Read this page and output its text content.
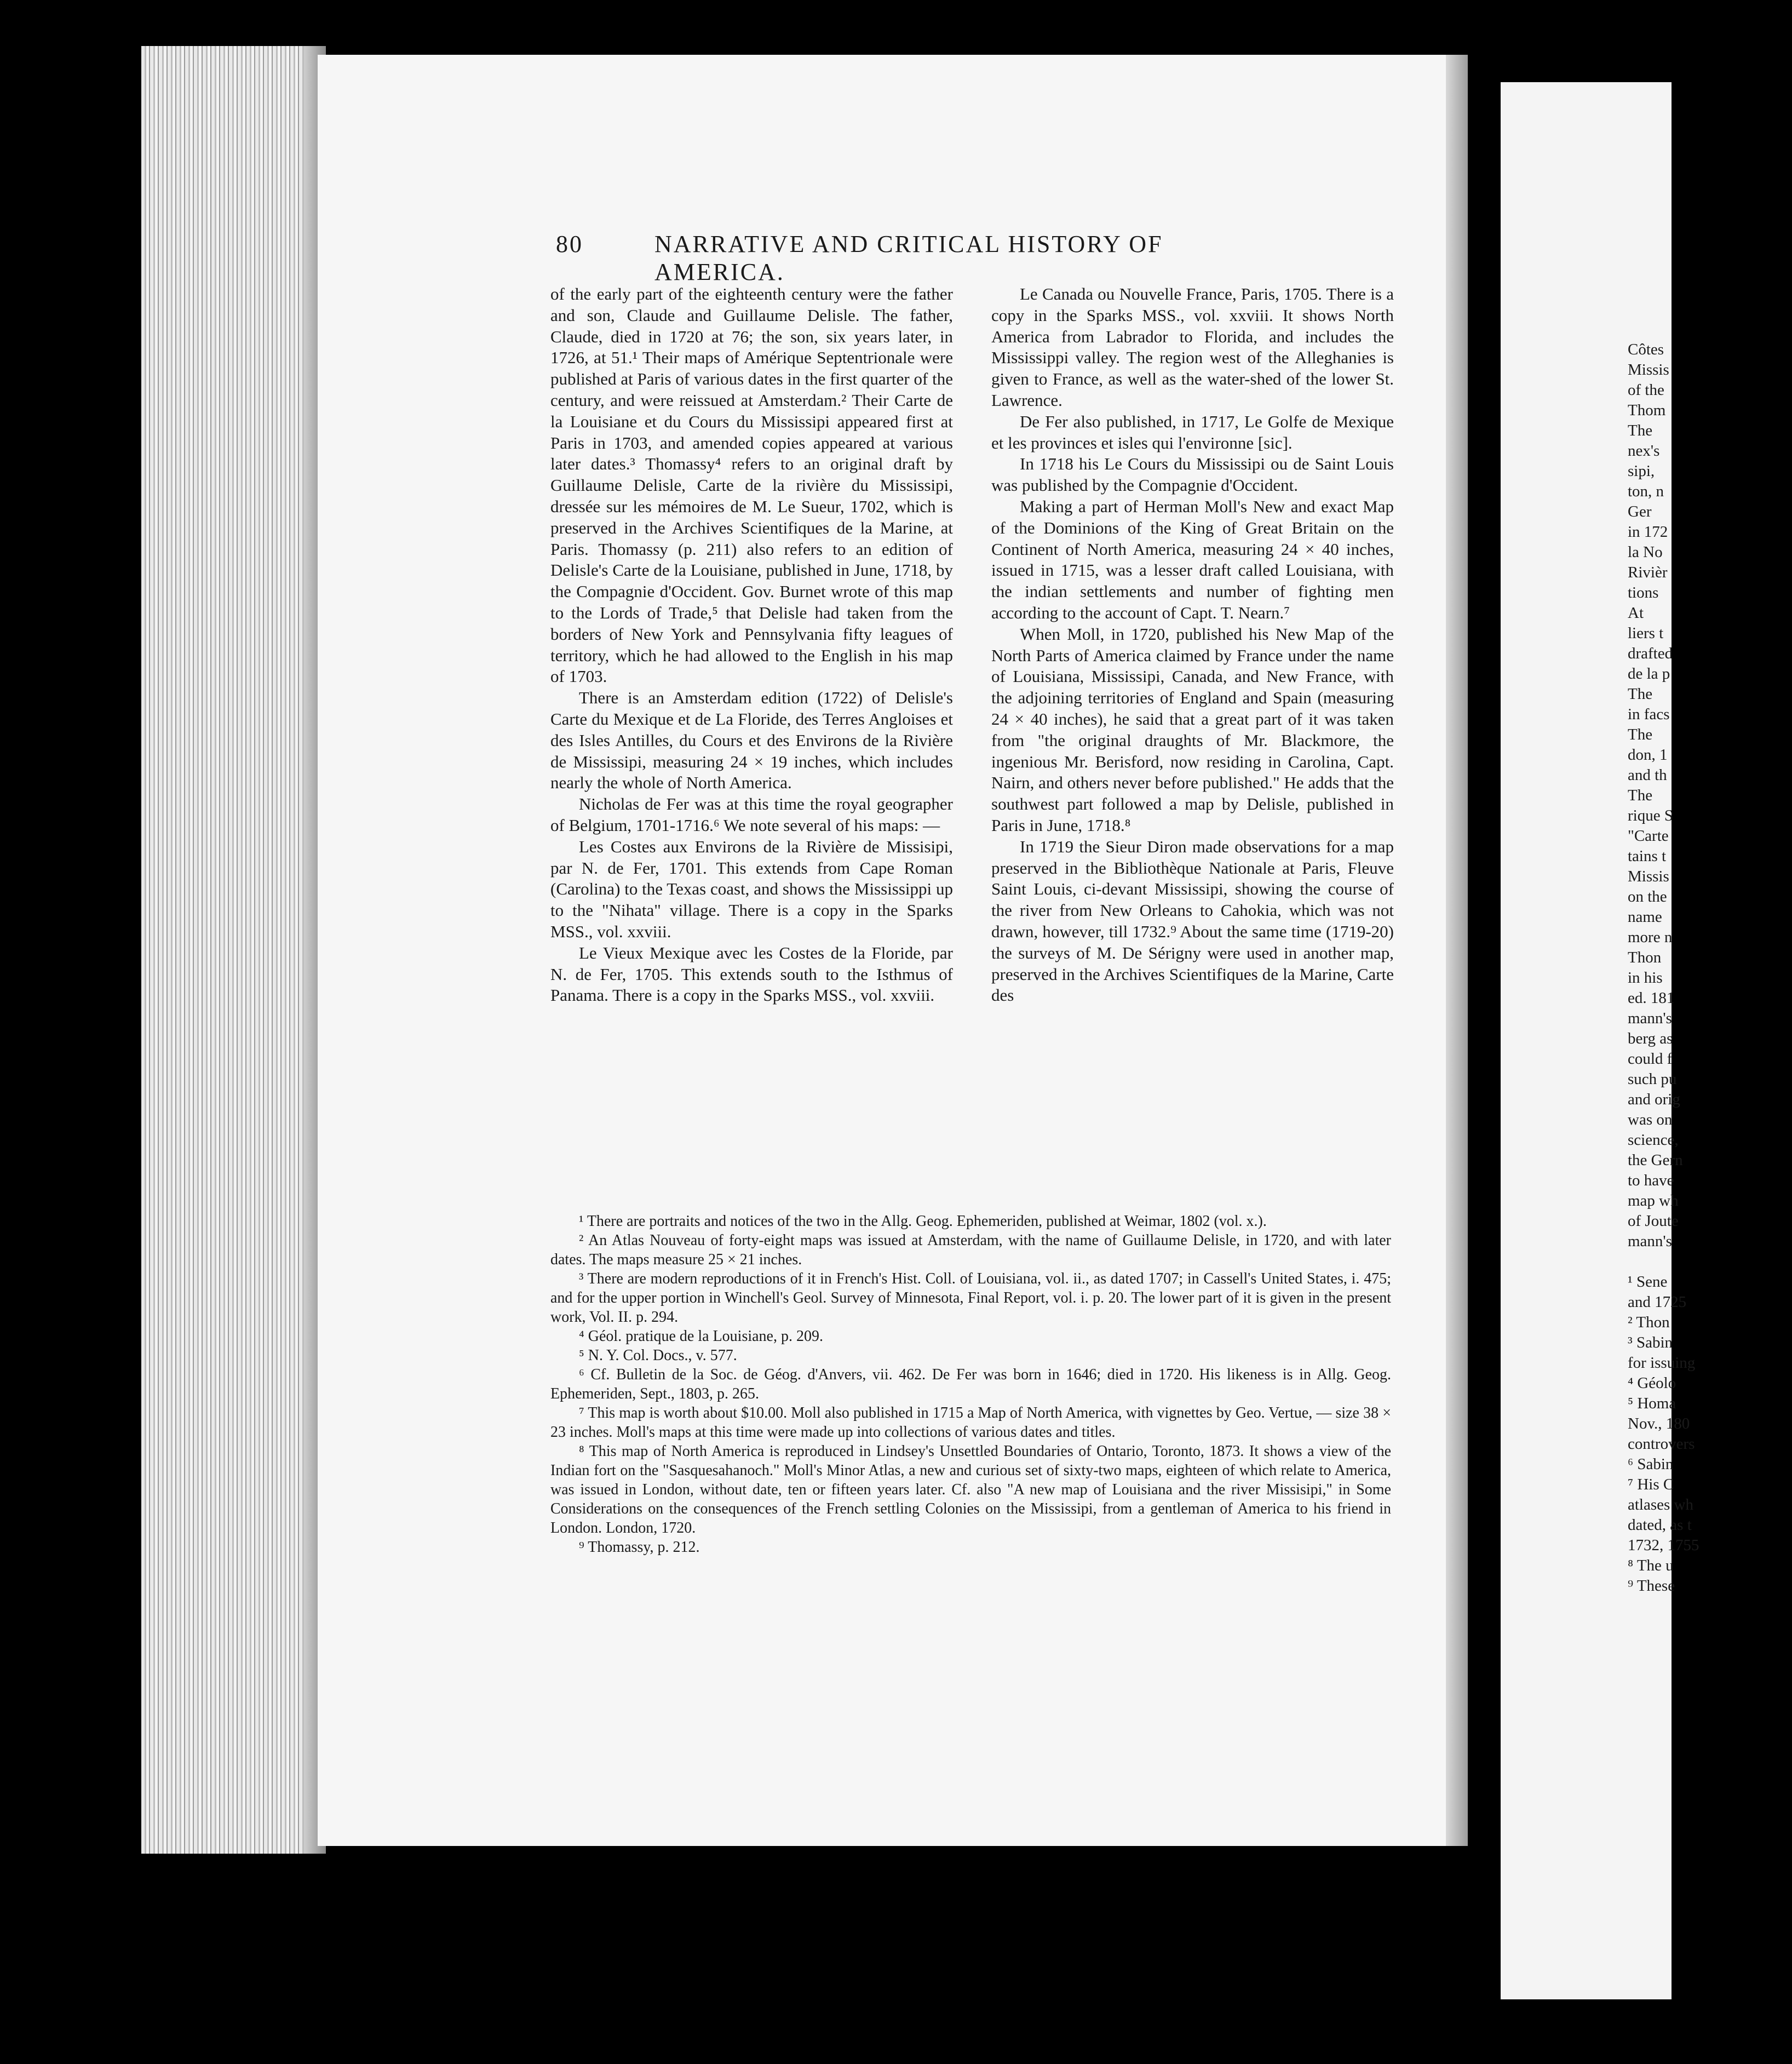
80	NARRATIVE AND CRITICAL HISTORY OF AMERICA.

of the early part of the eighteenth century were the father and son, Claude and Guillaume Delisle. The father, Claude, died in 1720 at 76; the son, six years later, in 1726, at 51.¹ Their maps of Amérique Septentrionale were published at Paris of various dates in the first quarter of the century, and were reissued at Amsterdam.² Their Carte de la Louisiane et du Cours du Mississipi appeared first at Paris in 1703, and amended copies appeared at various later dates.³ Thomassy⁴ refers to an original draft by Guillaume Delisle, Carte de la rivière du Mississipi, dressée sur les mémoires de M. Le Sueur, 1702, which is preserved in the Archives Scientifiques de la Marine, at Paris. Thomassy (p. 211) also refers to an edition of Delisle's Carte de la Louisiane, published in June, 1718, by the Compagnie d'Occident. Gov. Burnet wrote of this map to the Lords of Trade,⁵ that Delisle had taken from the borders of New York and Pennsylvania fifty leagues of territory, which he had allowed to the English in his map of 1703.

There is an Amsterdam edition (1722) of Delisle's Carte du Mexique et de La Floride, des Terres Angloises et des Isles Antilles, du Cours et des Environs de la Rivière de Mississipi, measuring 24 × 19 inches, which includes nearly the whole of North America.

Nicholas de Fer was at this time the royal geographer of Belgium, 1701-1716.⁶ We note several of his maps: —

Les Costes aux Environs de la Rivière de Missisipi, par N. de Fer, 1701. This extends from Cape Roman (Carolina) to the Texas coast, and shows the Mississippi up to the "Nihata" village. There is a copy in the Sparks MSS., vol. xxviii.

Le Vieux Mexique avec les Costes de la Floride, par N. de Fer, 1705. This extends south to the Isthmus of Panama. There is a copy in the Sparks MSS., vol. xxviii.

Le Canada ou Nouvelle France, Paris, 1705. There is a copy in the Sparks MSS., vol. xxviii. It shows North America from Labrador to Florida, and includes the Mississippi valley. The region west of the Alleghanies is given to France, as well as the water-shed of the lower St. Lawrence.

De Fer also published, in 1717, Le Golfe de Mexique et les provinces et isles qui l'environne [sic].

In 1718 his Le Cours du Mississipi ou de Saint Louis was published by the Compagnie d'Occident.

Making a part of Herman Moll's New and exact Map of the Dominions of the King of Great Britain on the Continent of North America, measuring 24 × 40 inches, issued in 1715, was a lesser draft called Louisiana, with the indian settlements and number of fighting men according to the account of Capt. T. Nearn.⁷

When Moll, in 1720, published his New Map of the North Parts of America claimed by France under the name of Louisiana, Mississipi, Canada, and New France, with the adjoining territories of England and Spain (measuring 24 × 40 inches), he said that a great part of it was taken from "the original draughts of Mr. Blackmore, the ingenious Mr. Berisford, now residing in Carolina, Capt. Nairn, and others never before published." He adds that the southwest part followed a map by Delisle, published in Paris in June, 1718.⁸

In 1719 the Sieur Diron made observations for a map preserved in the Bibliothèque Nationale at Paris, Fleuve Saint Louis, ci-devant Mississipi, showing the course of the river from New Orleans to Cahokia, which was not drawn, however, till 1732.⁹ About the same time (1719-20) the surveys of M. De Sérigny were used in another map, preserved in the Archives Scientifiques de la Marine, Carte des

¹ There are portraits and notices of the two in the Allg. Geog. Ephemeriden, published at Weimar, 1802 (vol. x.).

² An Atlas Nouveau of forty-eight maps was issued at Amsterdam, with the name of Guillaume Delisle, in 1720, and with later dates. The maps measure 25 × 21 inches.

³ There are modern reproductions of it in French's Hist. Coll. of Louisiana, vol. ii., as dated 1707; in Cassell's United States, i. 475; and for the upper portion in Winchell's Geol. Survey of Minnesota, Final Report, vol. i. p. 20. The lower part of it is given in the present work, Vol. II. p. 294.

⁴ Géol. pratique de la Louisiane, p. 209.

⁵ N. Y. Col. Docs., v. 577.

⁶ Cf. Bulletin de la Soc. de Géog. d'Anvers, vii. 462. De Fer was born in 1646; died in 1720. His likeness is in Allg. Geog. Ephemeriden, Sept., 1803, p. 265.

⁷ This map is worth about $10.00. Moll also published in 1715 a Map of North America, with vignettes by Geo. Vertue, — size 38 × 23 inches. Moll's maps at this time were made up into collections of various dates and titles.

⁸ This map of North America is reproduced in Lindsey's Unsettled Boundaries of Ontario, Toronto, 1873. It shows a view of the Indian fort on the "Sasquesahanoch." Moll's Minor Atlas, a new and curious set of sixty-two maps, eighteen of which relate to America, was issued in London, without date, ten or fifteen years later. Cf. also "A new map of Louisiana and the river Missisipi," in Some Considerations on the consequences of the French settling Colonies on the Mississipi, from a gentleman of America to his friend in London. London, 1720.

⁹ Thomassy, p. 212.

Côtes

Missis

of the

Thom

The

nex's

sipi,

ton, n

Ger

in 172

la No

Rivièr

tions

At

liers t

drafted

de la p

The

in facs

The

don, 1

and th

The

rique S

"Carte

tains t

Missis

on the

name

more n

Thon

in his

ed. 181

mann's

berg as

could f

such pu

and orig

was on

science,

the Gern

to have

map wh

of Joute

mann's

¹ Sene

and 1725

² Thon

³ Sabin

for issuing

⁴ Géolo

⁵ Homa

Nov., 180

controvers

⁶ Sabin

⁷ His C

atlases wh

dated, as t

1732, 1755

⁸ The u

⁹ These
